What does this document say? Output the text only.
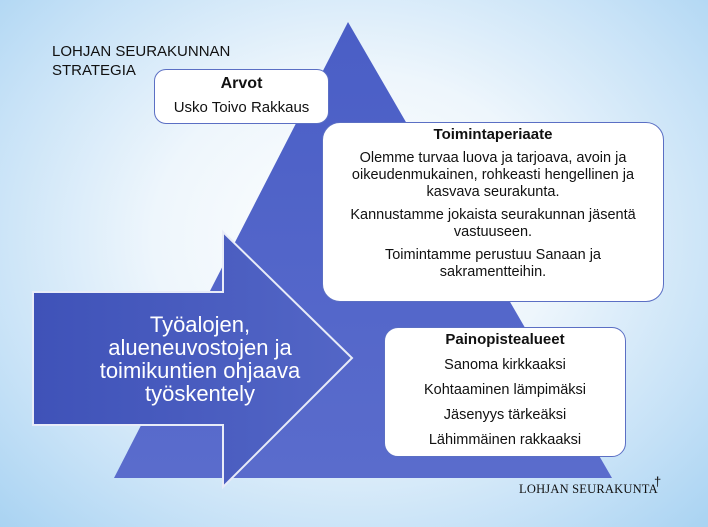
LOHJAN SEURAKUNNAN
STRATEGIA
Arvot
Usko Toivo Rakkaus
Toimintaperiaate
Olemme turvaa luova ja tarjoava, avoin ja oikeudenmukainen, rohkeasti hengellinen ja kasvava seurakunta.
Kannustamme jokaista seurakunnan jäsentä vastuuseen.
Toimintamme perustuu Sanaan ja sakramentteihin.
Painopistealueet
Sanoma kirkkaaksi
Kohtaaminen lämpimäksi
Jäsenyys tärkeäksi
Lähimmäinen rakkaaksi
Työalojen,
alueneuvostojen ja
toimikuntien ohjaava
työskentely
LOHJAN SEURAKUNTA
†
